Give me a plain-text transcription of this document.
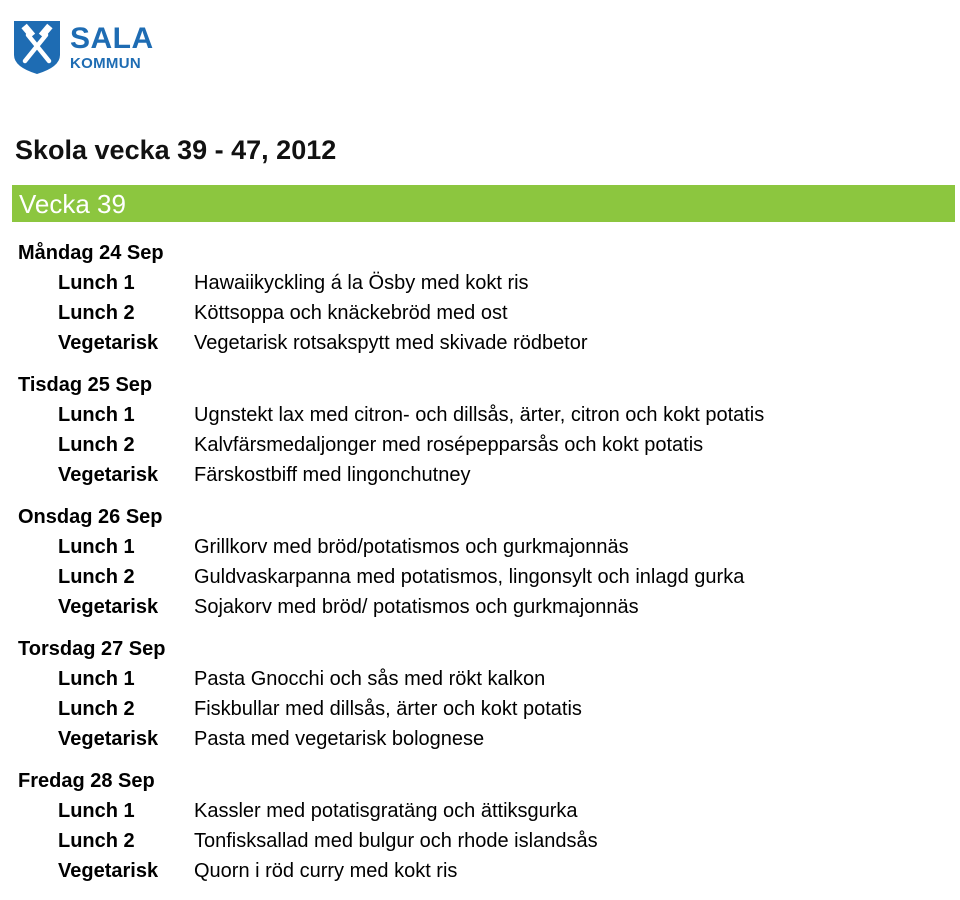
SALA
KOMMUN
Skola vecka 39 - 47, 2012
Vecka 39
Måndag 24 Sep
Lunch 1	Hawaiikyckling á la Ösby med kokt ris
Lunch 2	Köttsoppa och knäckebröd med ost
Vegetarisk	Vegetarisk rotsakspytt med skivade rödbetor
Tisdag 25 Sep
Lunch 1	Ugnstekt lax med citron- och dillsås, ärter, citron och kokt potatis
Lunch 2	Kalvfärsmedaljonger med rosépepparsås och kokt potatis
Vegetarisk	Färskostbiff med lingonchutney
Onsdag 26 Sep
Lunch 1	Grillkorv med bröd/potatismos och gurkmajonnäs
Lunch 2	Guldvaskarpanna med potatismos, lingonsylt och inlagd gurka
Vegetarisk	Sojakorv med bröd/ potatismos och gurkmajonnäs
Torsdag 27 Sep
Lunch 1	Pasta Gnocchi och sås med rökt kalkon
Lunch 2	Fiskbullar med dillsås, ärter och kokt potatis
Vegetarisk	Pasta med vegetarisk bolognese
Fredag 28 Sep
Lunch 1	Kassler med potatisgratäng och ättiksgurka
Lunch 2	Tonfisksallad med bulgur och rhode islandsås
Vegetarisk	Quorn i röd curry med kokt ris
